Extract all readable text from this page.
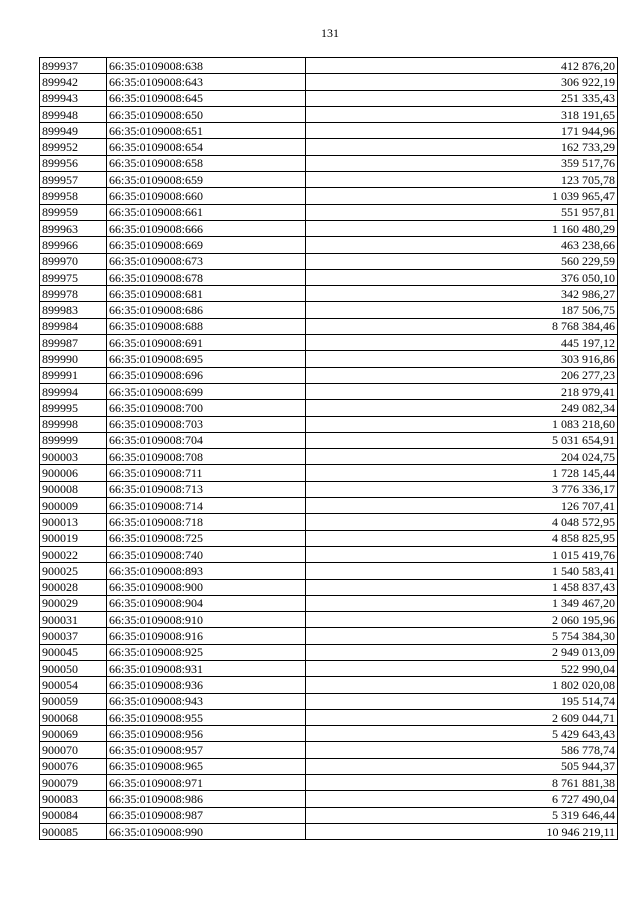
131
899937	66:35:0109008:638	412 876,20
899942	66:35:0109008:643	306 922,19
899943	66:35:0109008:645	251 335,43
899948	66:35:0109008:650	318 191,65
899949	66:35:0109008:651	171 944,96
899952	66:35:0109008:654	162 733,29
899956	66:35:0109008:658	359 517,76
899957	66:35:0109008:659	123 705,78
899958	66:35:0109008:660	1 039 965,47
899959	66:35:0109008:661	551 957,81
899963	66:35:0109008:666	1 160 480,29
899966	66:35:0109008:669	463 238,66
899970	66:35:0109008:673	560 229,59
899975	66:35:0109008:678	376 050,10
899978	66:35:0109008:681	342 986,27
899983	66:35:0109008:686	187 506,75
899984	66:35:0109008:688	8 768 384,46
899987	66:35:0109008:691	445 197,12
899990	66:35:0109008:695	303 916,86
899991	66:35:0109008:696	206 277,23
899994	66:35:0109008:699	218 979,41
899995	66:35:0109008:700	249 082,34
899998	66:35:0109008:703	1 083 218,60
899999	66:35:0109008:704	5 031 654,91
900003	66:35:0109008:708	204 024,75
900006	66:35:0109008:711	1 728 145,44
900008	66:35:0109008:713	3 776 336,17
900009	66:35:0109008:714	126 707,41
900013	66:35:0109008:718	4 048 572,95
900019	66:35:0109008:725	4 858 825,95
900022	66:35:0109008:740	1 015 419,76
900025	66:35:0109008:893	1 540 583,41
900028	66:35:0109008:900	1 458 837,43
900029	66:35:0109008:904	1 349 467,20
900031	66:35:0109008:910	2 060 195,96
900037	66:35:0109008:916	5 754 384,30
900045	66:35:0109008:925	2 949 013,09
900050	66:35:0109008:931	522 990,04
900054	66:35:0109008:936	1 802 020,08
900059	66:35:0109008:943	195 514,74
900068	66:35:0109008:955	2 609 044,71
900069	66:35:0109008:956	5 429 643,43
900070	66:35:0109008:957	586 778,74
900076	66:35:0109008:965	505 944,37
900079	66:35:0109008:971	8 761 881,38
900083	66:35:0109008:986	6 727 490,04
900084	66:35:0109008:987	5 319 646,44
900085	66:35:0109008:990	10 946 219,11
